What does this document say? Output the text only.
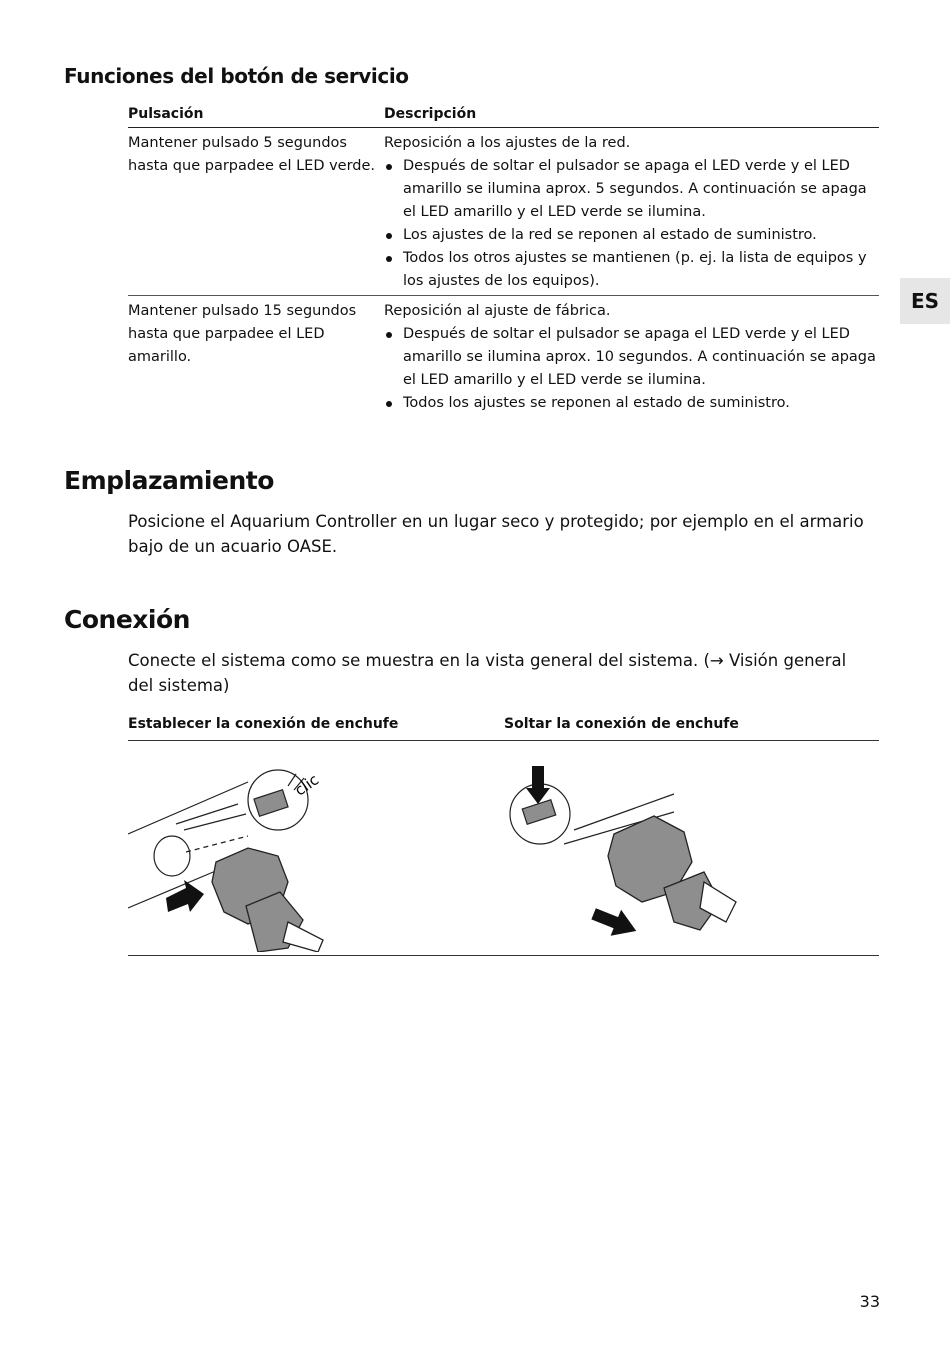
Funciones del botón de servicio
Pulsación	Descripción
Mantener pulsado 5 segundos hasta que parpadee el LED verde.
Reposición a los ajustes de la red.
Después de soltar el pulsador se apaga el LED verde y el LED amarillo se ilumina aprox. 5 segundos. A continuación se apaga el LED amarillo y el LED verde se ilumina.
Los ajustes de la red se reponen al estado de suministro.
Todos los otros ajustes se mantienen (p. ej. la lista de equipos y los ajustes de los equipos).
Mantener pulsado 15 segundos hasta que parpadee el LED amarillo.
Reposición al ajuste de fábrica.
Después de soltar el pulsador se apaga el LED verde y el LED amarillo se ilumina aprox. 10 segundos. A continuación se apaga el LED amarillo y el LED verde se ilumina.
Todos los ajustes se reponen al estado de suministro.
ES
Emplazamiento

Posicione el Aquarium Controller en un lugar seco y protegido; por ejemplo en el armario bajo de un acuario OASE.

Conexión

Conecte el sistema como se muestra en la vista general del sistema. (→ Visión general del sistema)

Establecer la conexión de enchufe	Soltar la conexión de enchufe
clic
33
